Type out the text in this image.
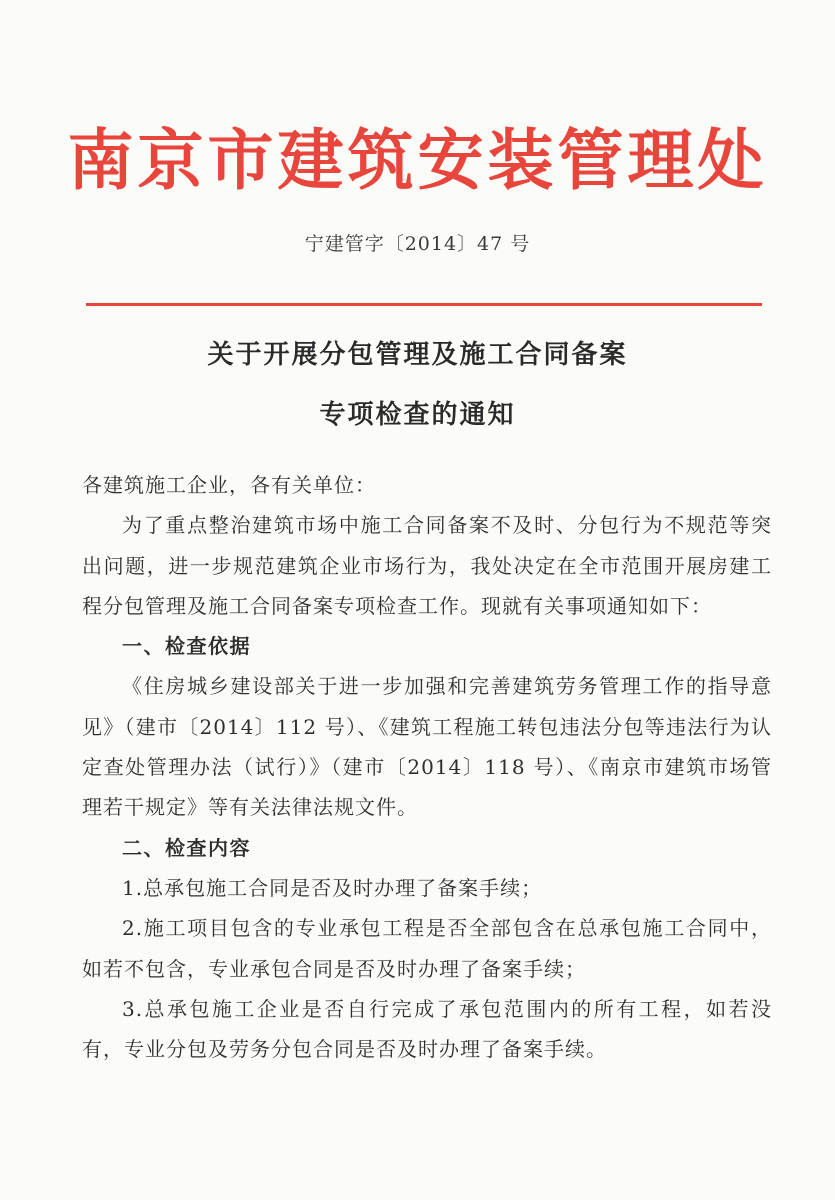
南京市建筑安装管理处
宁建管字〔2014〕47 号
关于开展分包管理及施工合同备案
专项检查的通知

各建筑施工企业，各有关单位：

为了重点整治建筑市场中施工合同备案不及时、分包行为不规范等突出问题，进一步规范建筑企业市场行为，我处决定在全市范围开展房建工程分包管理及施工合同备案专项检查工作。现就有关事项通知如下：

一、检查依据

《住房城乡建设部关于进一步加强和完善建筑劳务管理工作的指导意见》（建市〔2014〕112 号）、《建筑工程施工转包违法分包等违法行为认定查处管理办法（试行）》（建市〔2014〕118 号）、《南京市建筑市场管理若干规定》等有关法律法规文件。

二、检查内容

1.总承包施工合同是否及时办理了备案手续；

2.施工项目包含的专业承包工程是否全部包含在总承包施工合同中，如若不包含，专业承包合同是否及时办理了备案手续；

3.总承包施工企业是否自行完成了承包范围内的所有工程，如若没有，专业分包及劳务分包合同是否及时办理了备案手续。
